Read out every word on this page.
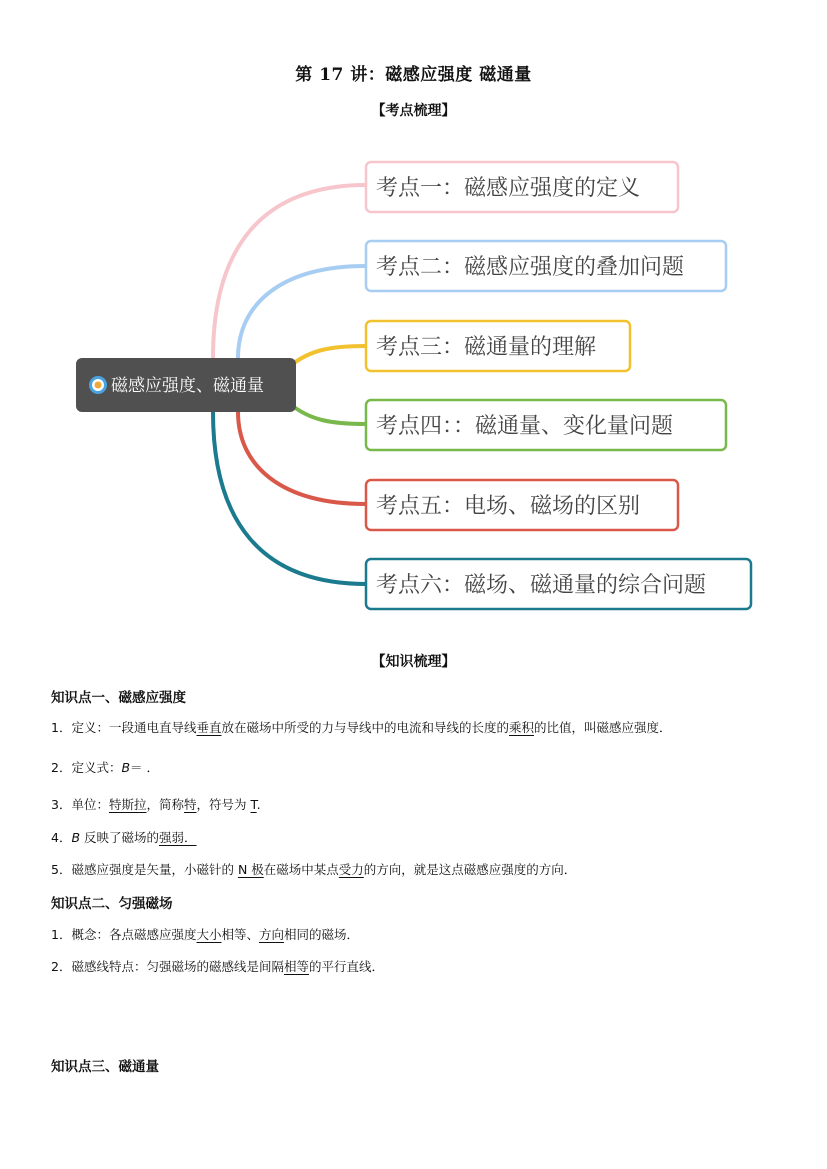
第 17 讲：磁感应强度 磁通量
【考点梳理】
考点一：磁感应强度的定义
考点二：磁感应强度的叠加问题
考点三：磁通量的理解
考点四：：磁通量、变化量问题
考点五：电场、磁场的区别
考点六：磁场、磁通量的综合问题
磁感应强度、磁通量
【知识梳理】
知识点一、磁感应强度
1．定义：一段通电直导线垂直放在磁场中所受的力与导线中的电流和导线的长度的乘积的比值，叫磁感应强度．
2．定义式：B＝ ．
3．单位：特斯拉，简称特，符号为 T.
4．B 反映了磁场的强弱．
5．磁感应强度是矢量，小磁针的 N 极在磁场中某点受力的方向，就是这点磁感应强度的方向．
知识点二、匀强磁场
1．概念：各点磁感应强度大小相等、方向相同的磁场．
2．磁感线特点：匀强磁场的磁感线是间隔相等的平行直线．
知识点三、磁通量
